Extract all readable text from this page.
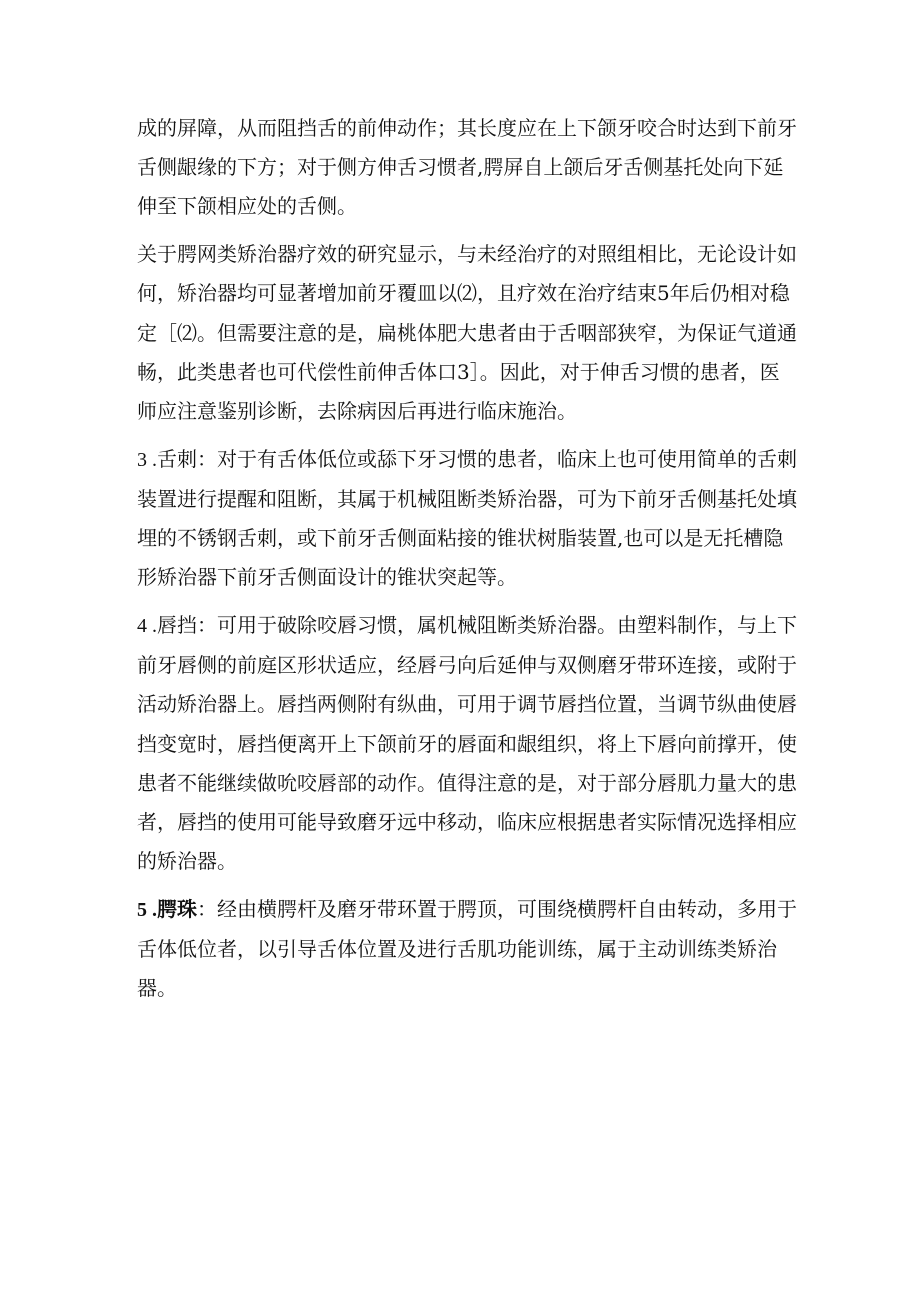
成的屏障，从而阻挡舌的前伸动作；其长度应在上下颌牙咬合时达到下前牙舌侧龈缘的下方；对于侧方伸舌习惯者,腭屏自上颌后牙舌侧基托处向下延伸至下颌相应处的舌侧。

关于腭网类矫治器疗效的研究显示，与未经治疗的对照组相比，无论设计如何，矫治器均可显著增加前牙覆皿以⑵，且疗效在治疗结束5年后仍相对稳定［⑵。但需要注意的是，扁桃体肥大患者由于舌咽部狭窄，为保证气道通畅，此类患者也可代偿性前伸舌体口3］。因此，对于伸舌习惯的患者，医师应注意鉴别诊断，去除病因后再进行临床施治。

3 .舌刺：对于有舌体低位或舔下牙习惯的患者，临床上也可使用简单的舌刺装置进行提醒和阻断，其属于机械阻断类矫治器，可为下前牙舌侧基托处填埋的不锈钢舌刺，或下前牙舌侧面粘接的锥状树脂装置,也可以是无托槽隐形矫治器下前牙舌侧面设计的锥状突起等。

4 .唇挡：可用于破除咬唇习惯，属机械阻断类矫治器。由塑料制作，与上下前牙唇侧的前庭区形状适应，经唇弓向后延伸与双侧磨牙带环连接，或附于活动矫治器上。唇挡两侧附有纵曲，可用于调节唇挡位置，当调节纵曲使唇挡变宽时，唇挡便离开上下颌前牙的唇面和龈组织，将上下唇向前撑开，使患者不能继续做吮咬唇部的动作。值得注意的是，对于部分唇肌力量大的患者，唇挡的使用可能导致磨牙远中移动，临床应根据患者实际情况选择相应的矫治器。

5 .腭珠：经由横腭杆及磨牙带环置于腭顶，可围绕横腭杆自由转动，多用于舌体低位者，以引导舌体位置及进行舌肌功能训练，属于主动训练类矫治器。
